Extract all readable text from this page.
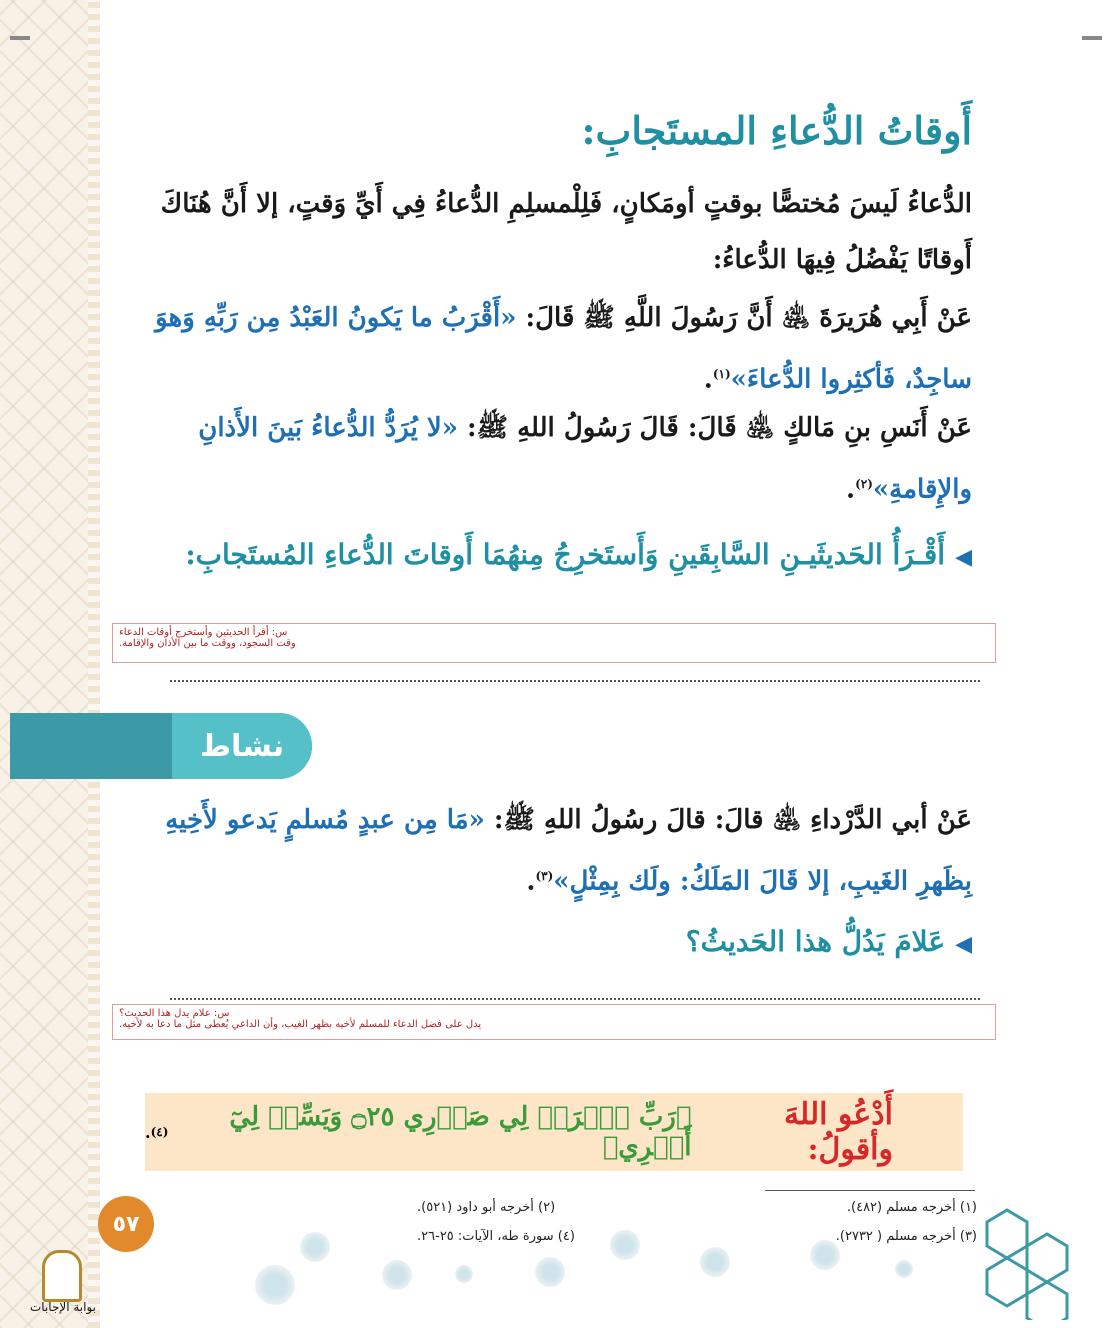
أَوقاتُ الدُّعاءِ المستَجابِ:
الدُّعاءُ لَيسَ مُختصًّا بوقتٍ أومَكانٍ، فَلِلْمسلِمِ الدُّعاءُ فِي أَيِّ وَقتٍ، إلا أَنَّ هُنَاكَ
أَوقاتًا يَفْضُلُ فِيهَا الدُّعاءُ:
عَنْ أَبِي هُرَيرَةَ ﵁ أَنَّ رَسُولَ اللَّهِ ﷺ قَالَ: «أَقْرَبُ ما يَكونُ العَبْدُ مِن رَبِّهِ وَهوَ ساجِدٌ، فَأكثِروا الدُّعاءَ»$^{(١)}$.
عَنْ أَنَسِ بنِ مَالكٍ ﵁ قَالَ: قَالَ رَسُولُ اللهِ ﷺ: «لا يُرَدُّ الدُّعاءُ بَينَ الأَذانِ والإِقامةِ»$^{(٢)}$.
◀أَقْـرَأُ الحَديثَيـنِ السَّابِقَينِ وَأَستَخرِجُ مِنهُمَا أَوقاتَ الدُّعاءِ المُستَجابِ:
س: أقرأ الحديثين وأستخرج أوقات الدعاء
وقت السجود، ووقت ما بين الأذان والإقامة.
نشاط
عَنْ أبي الدَّرْداءِ ﵁ قالَ: قالَ رسُولُ اللهِ ﷺ: «مَا مِن عبدٍ مُسلمٍ يَدعو لأَخِيهِ بِظَهرِ الغَيبِ، إلا قَالَ المَلَكُ: ولَك بِمِثْلٍ»$^{(٣)}$.
◀عَلامَ يَدُلُّ هذا الحَديثُ؟
س: علام يدل هذا الحديث؟
يدل على فضل الدعاء للمسلم لأخيه بظهر الغيب، وأن الداعي يُعطى مثل ما دعا به لأخيه.
أَدْعُو اللهَ وأقولُ:
﴿رَبِّ ٱشۡرَحۡ لِي صَدۡرِي ۝٢٥ وَيَسِّرۡ لِيٓ أَمۡرِي﴾
(٤)
.
(١) أخرجه مسلم (٤٨٢).
(٢) أخرجه أبو داود (٥٢١).
(٣) أخرجه مسلم ( ٢٧٣٢).
(٤) سورة طه، الآيات: ٢٥-٢٦.
٥٧
بوابة الإجابات
